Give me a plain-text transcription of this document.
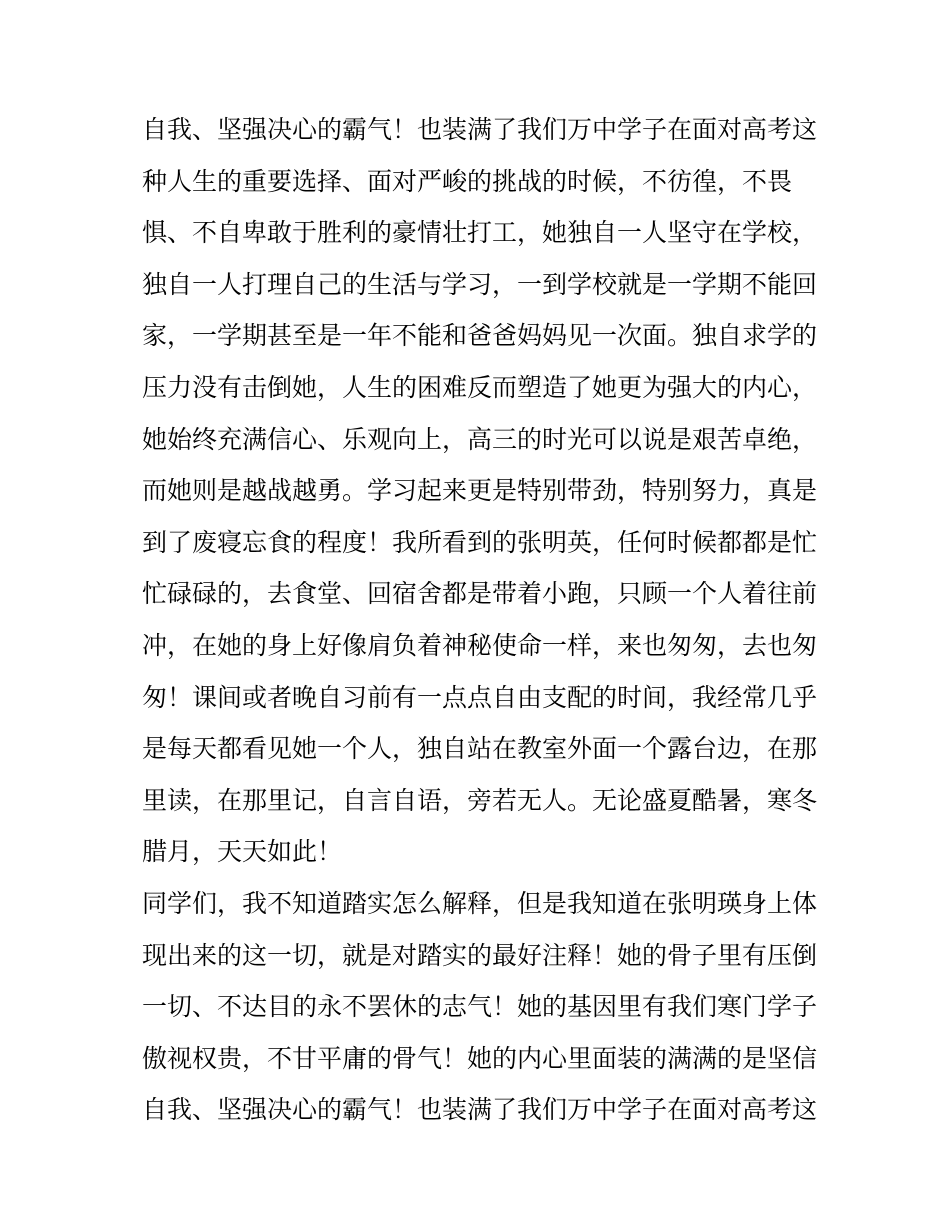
自我、坚强决心的霸气！也装满了我们万中学子在面对高考这
种人生的重要选择、面对严峻的挑战的时候，不彷徨，不畏
惧、不自卑敢于胜利的豪情壮打工，她独自一人坚守在学校，
独自一人打理自己的生活与学习，一到学校就是一学期不能回
家，一学期甚至是一年不能和爸爸妈妈见一次面。独自求学的
压力没有击倒她，人生的困难反而塑造了她更为强大的内心，
她始终充满信心、乐观向上，高三的时光可以说是艰苦卓绝，
而她则是越战越勇。学习起来更是特别带劲，特别努力，真是
到了废寝忘食的程度！我所看到的张明英，任何时候都都是忙
忙碌碌的，去食堂、回宿舍都是带着小跑，只顾一个人着往前
冲，在她的身上好像肩负着神秘使命一样，来也匆匆，去也匆
匆！课间或者晚自习前有一点点自由支配的时间，我经常几乎
是每天都看见她一个人，独自站在教室外面一个露台边，在那
里读，在那里记，自言自语，旁若无人。无论盛夏酷暑，寒冬
腊月，天天如此！
同学们，我不知道踏实怎么解释，但是我知道在张明瑛身上体
现出来的这一切，就是对踏实的最好注释！她的骨子里有压倒
一切、不达目的永不罢休的志气！她的基因里有我们寒门学子
傲视权贵，不甘平庸的骨气！她的内心里面装的满满的是坚信
自我、坚强决心的霸气！也装满了我们万中学子在面对高考这
